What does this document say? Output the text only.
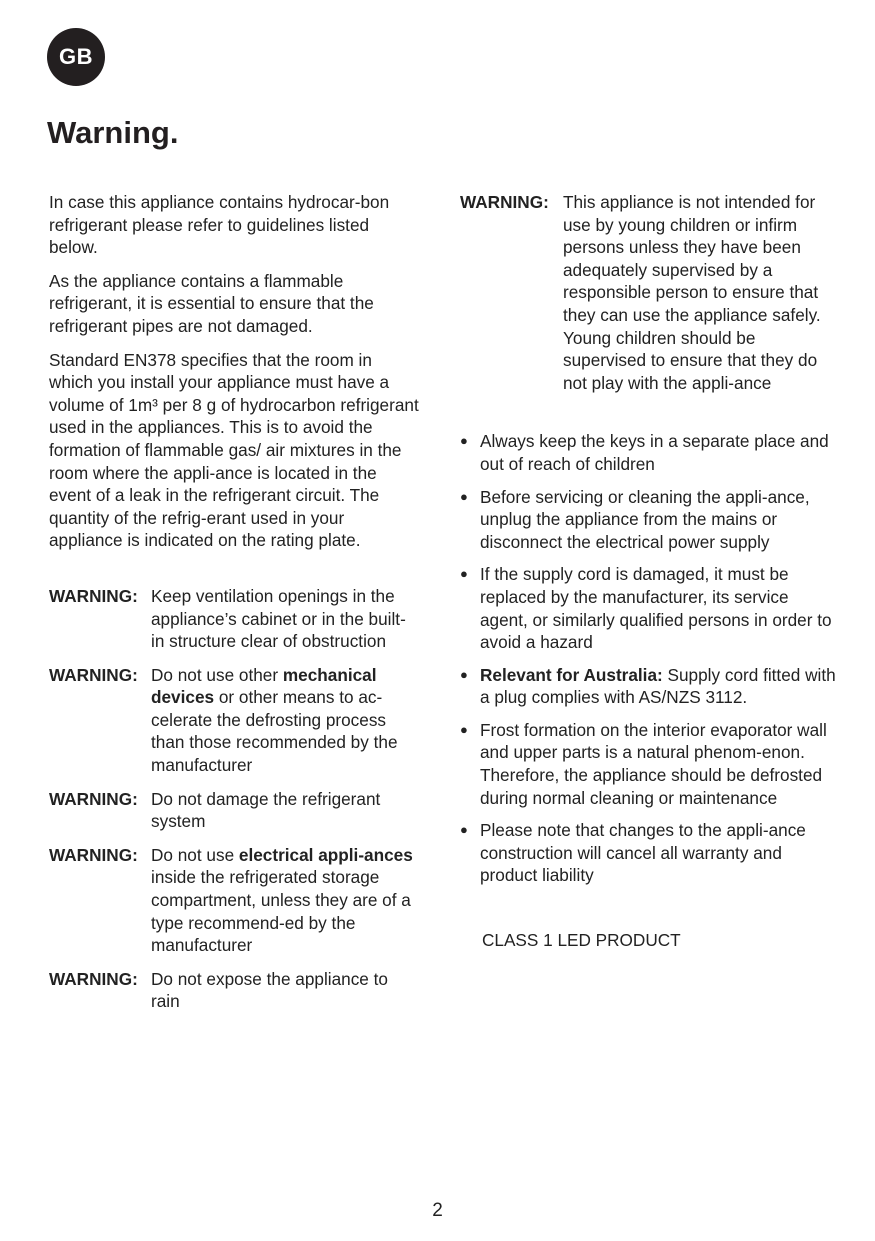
GB
Warning.

In case this appliance contains hydrocar-bon refrigerant please refer to guidelines listed below.

As the appliance contains a flammable refrigerant, it is essential to ensure that the refrigerant pipes are not damaged.

Standard EN378 specifies that the room in which you install your appliance must have a volume of 1m³ per 8 g of hydrocarbon refrigerant used in the appliances. This is to avoid the formation of flammable gas/ air mixtures in the room where the appli-ance is located in the event of a leak in the refrigerant circuit. The quantity of the refrig-erant used in your appliance is indicated on the rating plate.

WARNING: Keep ventilation openings in the appliance’s cabinet or in the built-in structure clear of obstruction
WARNING: Do not use other mechanical devices or other means to ac-celerate the defrosting process than those recommended by the manufacturer
WARNING: Do not damage the refrigerant system
WARNING: Do not use electrical appli-ances inside the refrigerated storage compartment, unless they are of a type recommend-ed by the manufacturer
WARNING: Do not expose the appliance to rain
WARNING: This appliance is not intended for use by young children or infirm persons unless they have been adequately supervised by a responsible person to ensure that they can use the appliance safely. Young children should be supervised to ensure that they do not play with the appli-ance
● Always keep the keys in a separate place and out of reach of children
● Before servicing or cleaning the appli-ance, unplug the appliance from the mains or disconnect the electrical power supply
● If the supply cord is damaged, it must be replaced by the manufacturer, its service agent, or similarly qualified persons in order to avoid a hazard
● Relevant for Australia: Supply cord fitted with a plug complies with AS/NZS 3112.
● Frost formation on the interior evaporator wall and upper parts is a natural phenom-enon. Therefore, the appliance should be defrosted during normal cleaning or maintenance
● Please note that changes to the appli-ance construction will cancel all warranty and product liability
CLASS 1 LED PRODUCT
2
